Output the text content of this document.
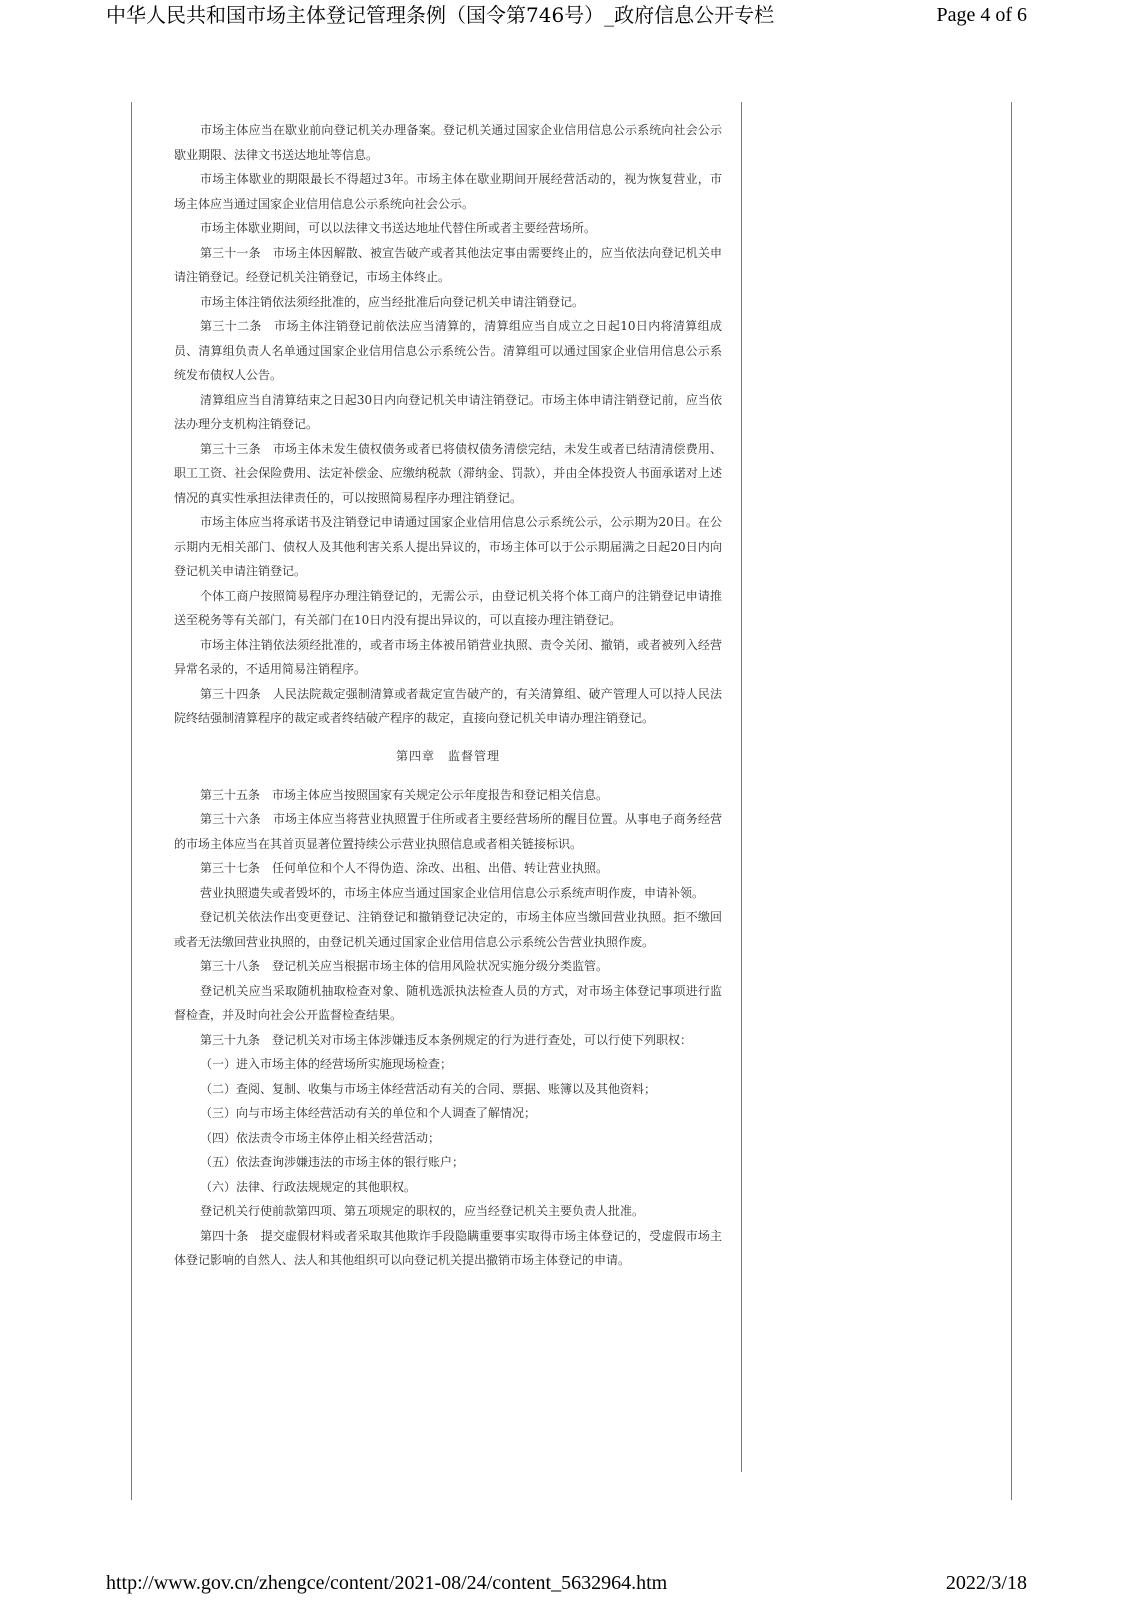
中华人民共和国市场主体登记管理条例（国令第746号）_政府信息公开专栏	Page 4 of 6

市场主体应当在歇业前向登记机关办理备案。登记机关通过国家企业信用信息公示系统向社会公示歇业期限、法律文书送达地址等信息。

市场主体歇业的期限最长不得超过3年。市场主体在歇业期间开展经营活动的，视为恢复营业，市场主体应当通过国家企业信用信息公示系统向社会公示。

市场主体歇业期间，可以以法律文书送达地址代替住所或者主要经营场所。

第三十一条　市场主体因解散、被宣告破产或者其他法定事由需要终止的，应当依法向登记机关申请注销登记。经登记机关注销登记，市场主体终止。

市场主体注销依法须经批准的，应当经批准后向登记机关申请注销登记。

第三十二条　市场主体注销登记前依法应当清算的，清算组应当自成立之日起10日内将清算组成员、清算组负责人名单通过国家企业信用信息公示系统公告。清算组可以通过国家企业信用信息公示系统发布债权人公告。

清算组应当自清算结束之日起30日内向登记机关申请注销登记。市场主体申请注销登记前，应当依法办理分支机构注销登记。

第三十三条　市场主体未发生债权债务或者已将债权债务清偿完结，未发生或者已结清清偿费用、职工工资、社会保险费用、法定补偿金、应缴纳税款（滞纳金、罚款），并由全体投资人书面承诺对上述情况的真实性承担法律责任的，可以按照简易程序办理注销登记。

市场主体应当将承诺书及注销登记申请通过国家企业信用信息公示系统公示，公示期为20日。在公示期内无相关部门、债权人及其他利害关系人提出异议的，市场主体可以于公示期届满之日起20日内向登记机关申请注销登记。

个体工商户按照简易程序办理注销登记的，无需公示，由登记机关将个体工商户的注销登记申请推送至税务等有关部门，有关部门在10日内没有提出异议的，可以直接办理注销登记。

市场主体注销依法须经批准的，或者市场主体被吊销营业执照、责令关闭、撤销，或者被列入经营异常名录的，不适用简易注销程序。

第三十四条　人民法院裁定强制清算或者裁定宣告破产的，有关清算组、破产管理人可以持人民法院终结强制清算程序的裁定或者终结破产程序的裁定，直接向登记机关申请办理注销登记。

第四章　监督管理

第三十五条　市场主体应当按照国家有关规定公示年度报告和登记相关信息。

第三十六条　市场主体应当将营业执照置于住所或者主要经营场所的醒目位置。从事电子商务经营的市场主体应当在其首页显著位置持续公示营业执照信息或者相关链接标识。

第三十七条　任何单位和个人不得伪造、涂改、出租、出借、转让营业执照。

营业执照遗失或者毁坏的，市场主体应当通过国家企业信用信息公示系统声明作废，申请补领。

登记机关依法作出变更登记、注销登记和撤销登记决定的，市场主体应当缴回营业执照。拒不缴回或者无法缴回营业执照的，由登记机关通过国家企业信用信息公示系统公告营业执照作废。

第三十八条　登记机关应当根据市场主体的信用风险状况实施分级分类监管。

登记机关应当采取随机抽取检查对象、随机选派执法检查人员的方式，对市场主体登记事项进行监督检查，并及时向社会公开监督检查结果。

第三十九条　登记机关对市场主体涉嫌违反本条例规定的行为进行查处，可以行使下列职权：

（一）进入市场主体的经营场所实施现场检查；

（二）查阅、复制、收集与市场主体经营活动有关的合同、票据、账簿以及其他资料；

（三）向与市场主体经营活动有关的单位和个人调查了解情况；

（四）依法责令市场主体停止相关经营活动；

（五）依法查询涉嫌违法的市场主体的银行账户；

（六）法律、行政法规规定的其他职权。

登记机关行使前款第四项、第五项规定的职权的，应当经登记机关主要负责人批准。

第四十条　提交虚假材料或者采取其他欺诈手段隐瞒重要事实取得市场主体登记的，受虚假市场主体登记影响的自然人、法人和其他组织可以向登记机关提出撤销市场主体登记的申请。

http://www.gov.cn/zhengce/content/2021-08/24/content_5632964.htm	2022/3/18
